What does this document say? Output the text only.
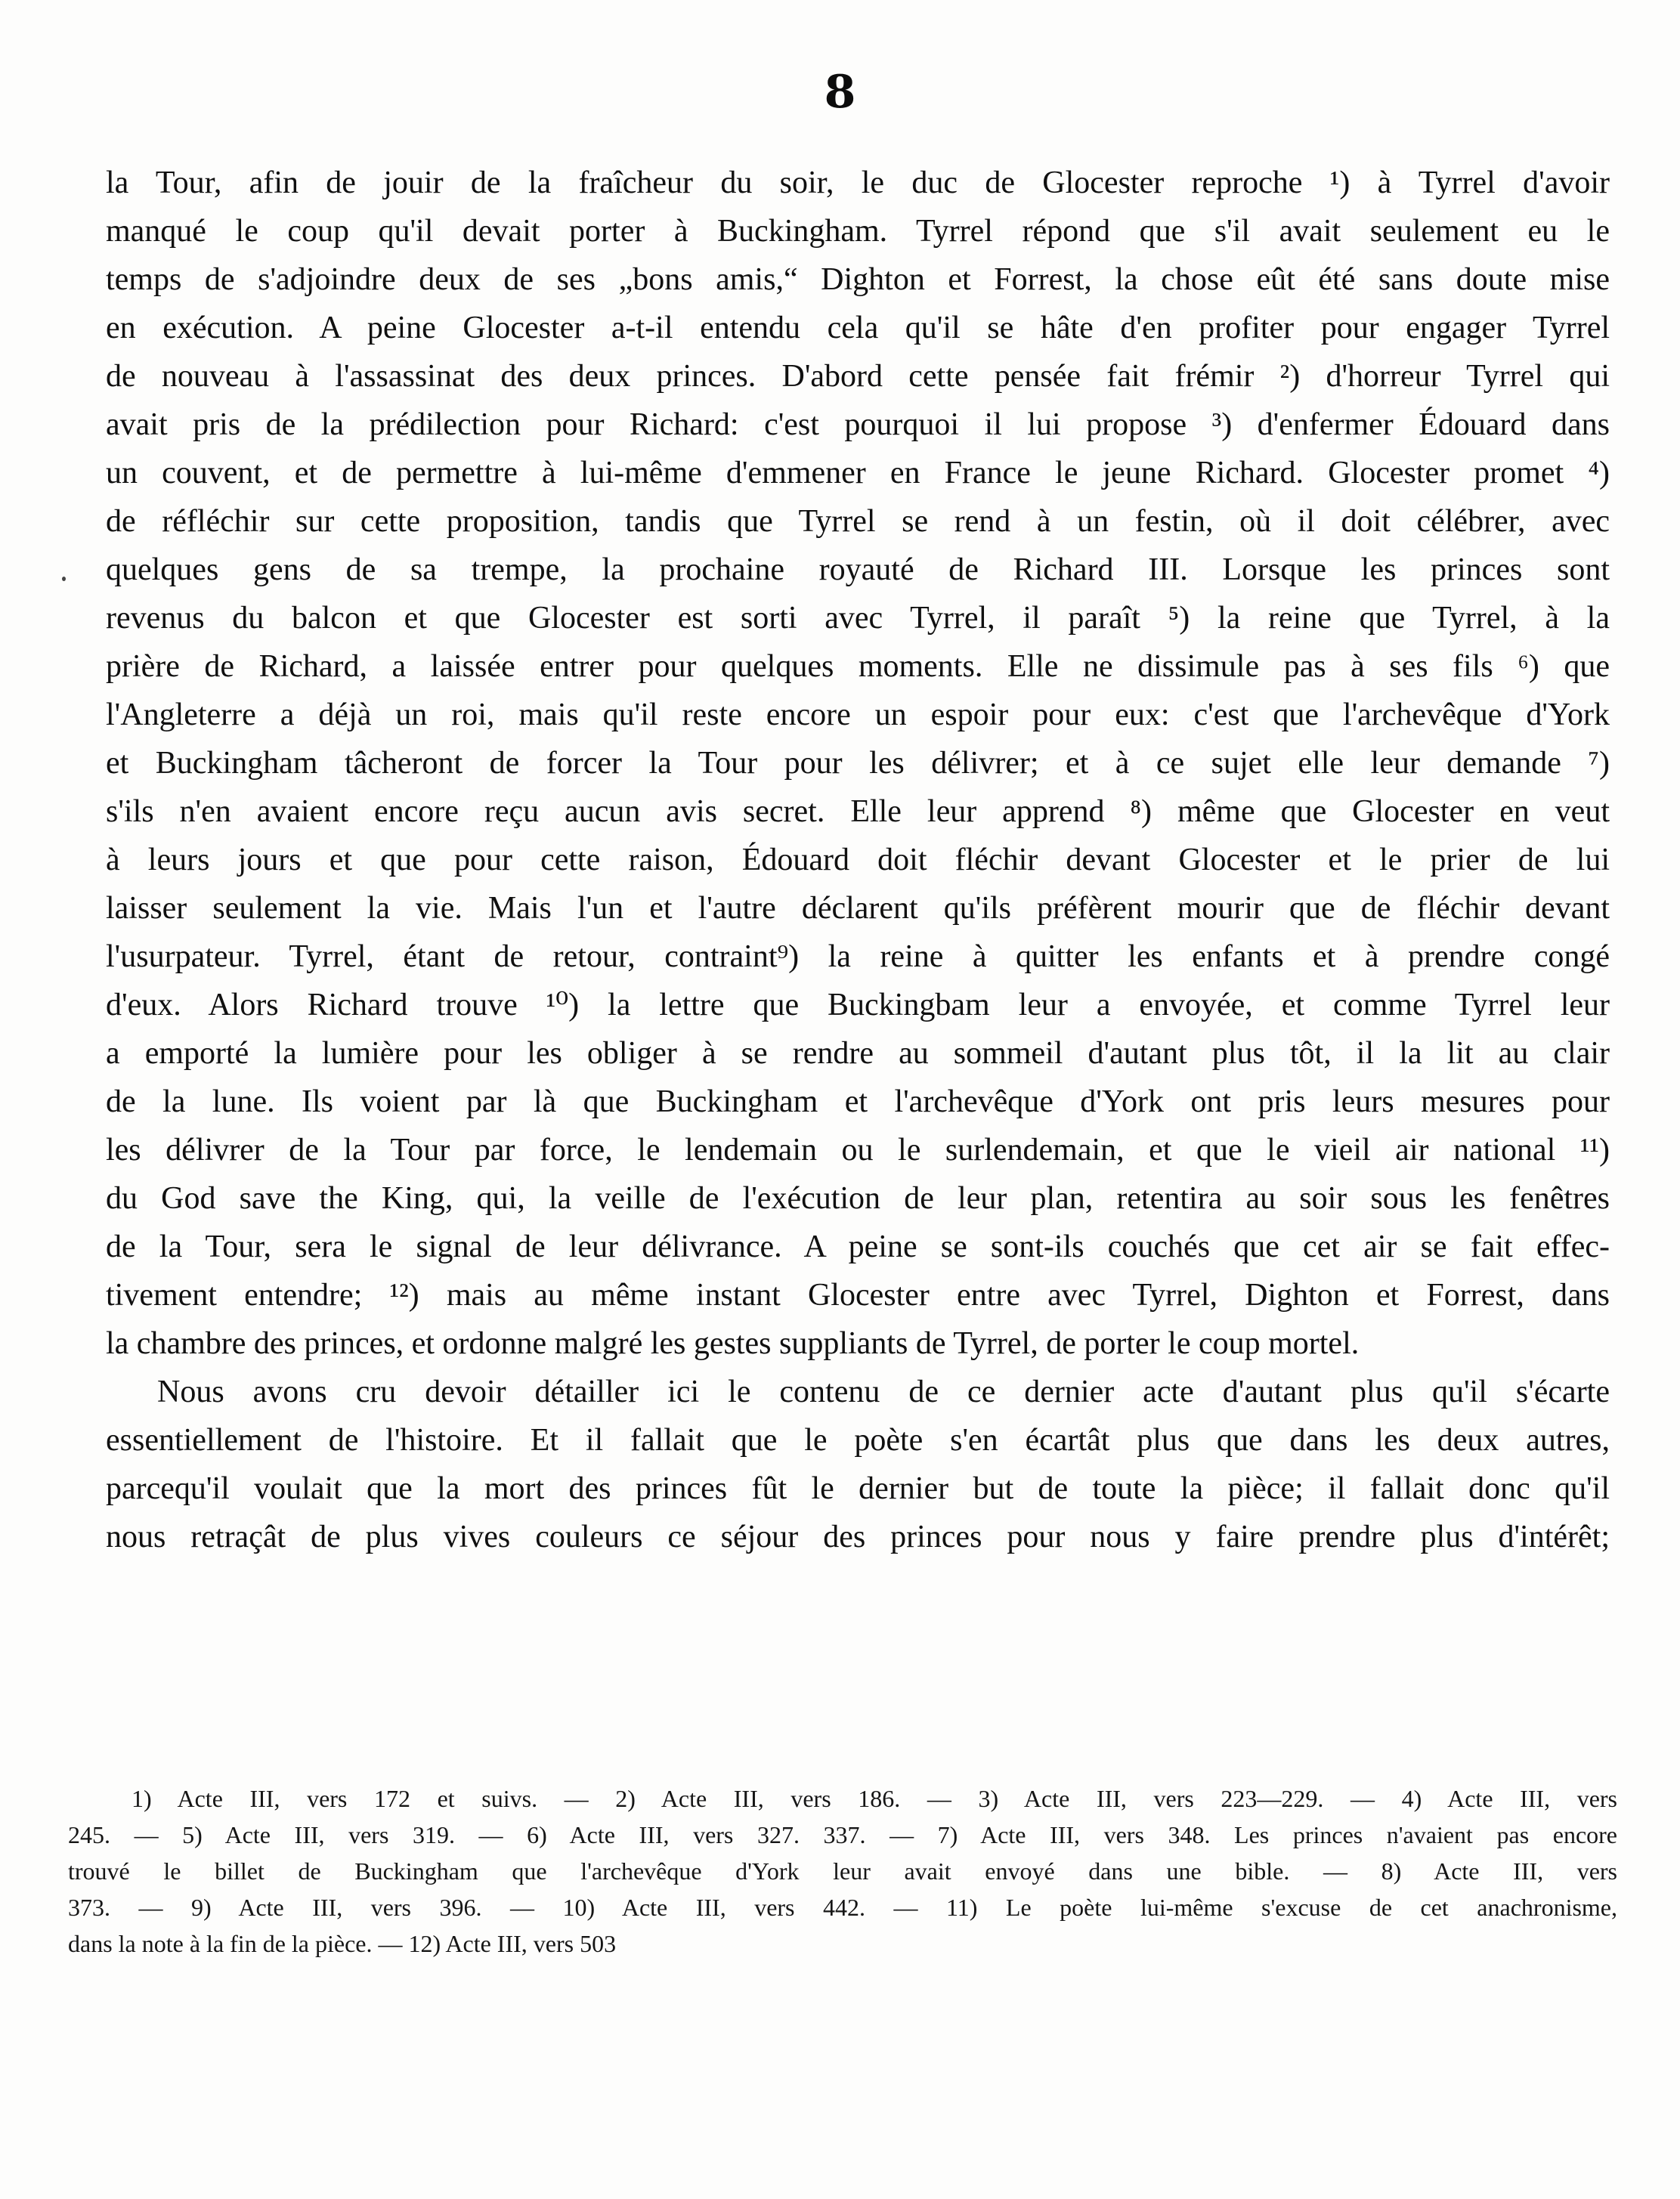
8
la Tour, afin de jouir de la fraîcheur du soir, le duc de Glocester reproche ¹) à Tyrrel d'avoir
manqué le coup qu'il devait porter à Buckingham. Tyrrel répond que s'il avait seulement eu le
temps de s'adjoindre deux de ses „bons amis,“ Dighton et Forrest, la chose eût été sans doute mise
en exécution. A peine Glocester a-t-il entendu cela qu'il se hâte d'en profiter pour engager Tyrrel
de nouveau à l'assassinat des deux princes. D'abord cette pensée fait frémir ²) d'horreur Tyrrel qui
avait pris de la prédilection pour Richard: c'est pourquoi il lui propose ³) d'enfermer Édouard dans
un couvent, et de permettre à lui-même d'emmener en France le jeune Richard. Glocester promet ⁴)
de réfléchir sur cette proposition, tandis que Tyrrel se rend à un festin, où il doit célébrer, avec
quelques gens de sa trempe, la prochaine royauté de Richard III. Lorsque les princes sont
revenus du balcon et que Glocester est sorti avec Tyrrel, il paraît ⁵) la reine que Tyrrel, à la
prière de Richard, a laissée entrer pour quelques moments. Elle ne dissimule pas à ses fils ⁶) que
l'Angleterre a déjà un roi, mais qu'il reste encore un espoir pour eux: c'est que l'archevêque d'York
et Buckingham tâcheront de forcer la Tour pour les délivrer; et à ce sujet elle leur demande ⁷)
s'ils n'en avaient encore reçu aucun avis secret. Elle leur apprend ⁸) même que Glocester en veut
à leurs jours et que pour cette raison, Édouard doit fléchir devant Glocester et le prier de lui
laisser seulement la vie. Mais l'un et l'autre déclarent qu'ils préfèrent mourir que de fléchir devant
l'usurpateur. Tyrrel, étant de retour, contraint⁹) la reine à quitter les enfants et à prendre congé
d'eux. Alors Richard trouve ¹⁰) la lettre que Buckingbam leur a envoyée, et comme Tyrrel leur
a emporté la lumière pour les obliger à se rendre au sommeil d'autant plus tôt, il la lit au clair
de la lune. Ils voient par là que Buckingham et l'archevêque d'York ont pris leurs mesures pour
les délivrer de la Tour par force, le lendemain ou le surlendemain, et que le vieil air national ¹¹)
du God save the King, qui, la veille de l'exécution de leur plan, retentira au soir sous les fenêtres
de la Tour, sera le signal de leur délivrance. A peine se sont-ils couchés que cet air se fait effec-
tivement entendre; ¹²) mais au même instant Glocester entre avec Tyrrel, Dighton et Forrest, dans
la chambre des princes, et ordonne malgré les gestes suppliants de Tyrrel, de porter le coup mortel.
Nous avons cru devoir détailler ici le contenu de ce dernier acte d'autant plus qu'il s'écarte
essentiellement de l'histoire. Et il fallait que le poète s'en écartât plus que dans les deux autres,
parcequ'il voulait que la mort des princes fût le dernier but de toute la pièce; il fallait donc qu'il
nous retraçât de plus vives couleurs ce séjour des princes pour nous y faire prendre plus d'intérêt;
1) Acte III, vers 172 et suivs. — 2) Acte III, vers 186. — 3) Acte III, vers 223—229. — 4) Acte III, vers
245. — 5) Acte III, vers 319. — 6) Acte III, vers 327. 337. — 7) Acte III, vers 348. Les princes n'avaient pas encore
trouvé le billet de Buckingham que l'archevêque d'York leur avait envoyé dans une bible. — 8) Acte III, vers
373. — 9) Acte III, vers 396. — 10) Acte III, vers 442. — 11) Le poète lui-même s'excuse de cet anachronisme,
dans la note à la fin de la pièce. — 12) Acte III, vers 503
